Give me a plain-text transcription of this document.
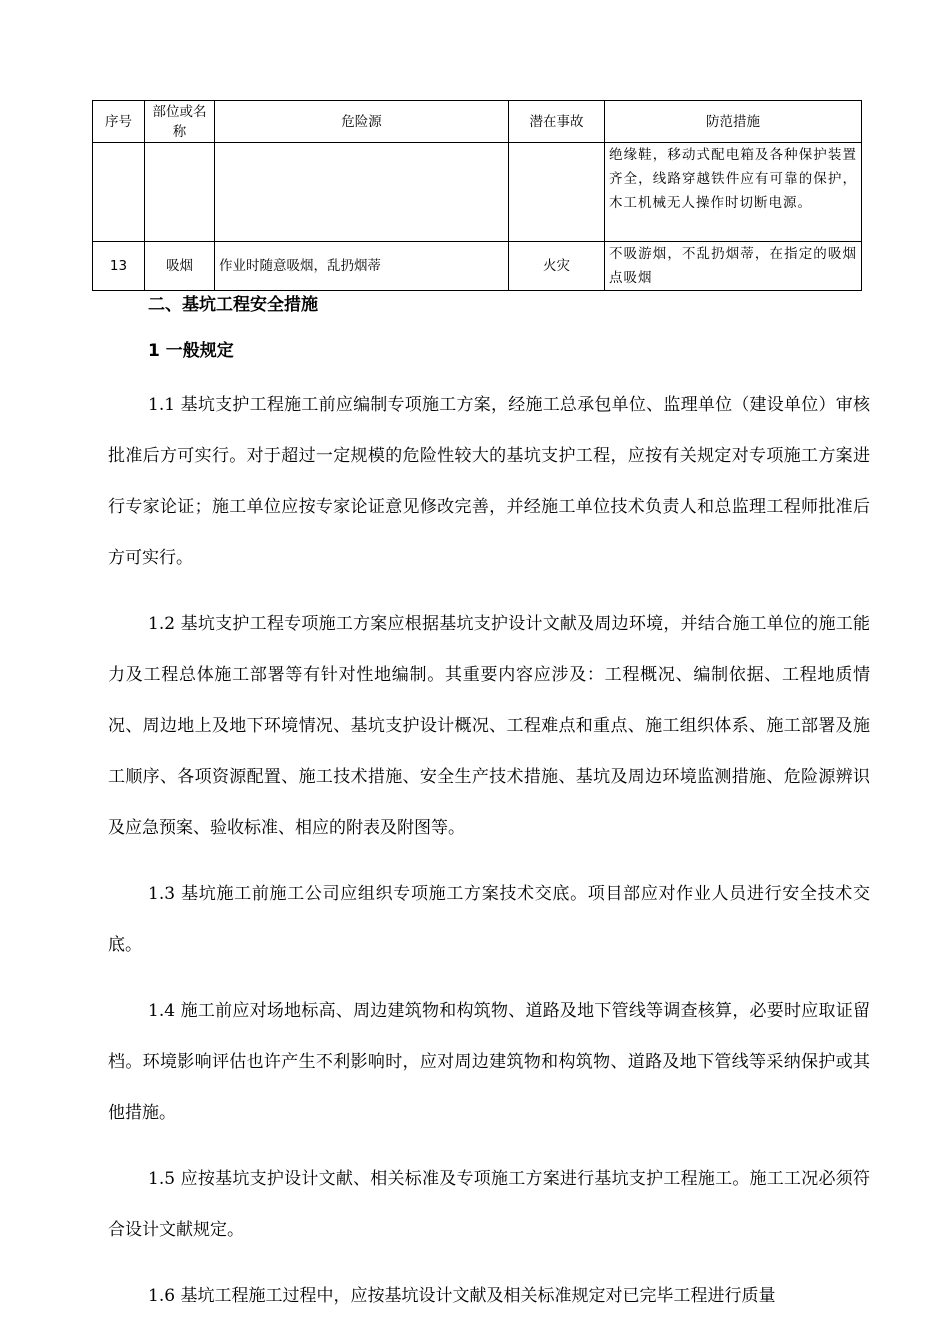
序号	部位或名称	危险源	潜在事故	防范措施
				绝缘鞋，移动式配电箱及各种保护装置齐全，线路穿越铁件应有可靠的保护，木工机械无人操作时切断电源。
13	吸烟	作业时随意吸烟，乱扔烟蒂	火灾	不吸游烟，不乱扔烟蒂，在指定的吸烟点吸烟
二、基坑工程安全措施
1 一般规定

1.1 基坑支护工程施工前应编制专项施工方案，经施工总承包单位、监理单位（建设单位）审核批准后方可实行。对于超过一定规模的危险性较大的基坑支护工程，应按有关规定对专项施工方案进行专家论证；施工单位应按专家论证意见修改完善，并经施工单位技术负责人和总监理工程师批准后方可实行。

1.2 基坑支护工程专项施工方案应根据基坑支护设计文献及周边环境，并结合施工单位的施工能力及工程总体施工部署等有针对性地编制。其重要内容应涉及：工程概况、编制依据、工程地质情况、周边地上及地下环境情况、基坑支护设计概况、工程难点和重点、施工组织体系、施工部署及施工顺序、各项资源配置、施工技术措施、安全生产技术措施、基坑及周边环境监测措施、危险源辨识及应急预案、验收标准、相应的附表及附图等。

1.3 基坑施工前施工公司应组织专项施工方案技术交底。项目部应对作业人员进行安全技术交底。

1.4 施工前应对场地标高、周边建筑物和构筑物、道路及地下管线等调查核算，必要时应取证留档。环境影响评估也许产生不利影响时，应对周边建筑物和构筑物、道路及地下管线等采纳保护或其他措施。

1.5 应按基坑支护设计文献、相关标准及专项施工方案进行基坑支护工程施工。施工工况必须符合设计文献规定。

1.6 基坑工程施工过程中，应按基坑设计文献及相关标准规定对已完毕工程进行质量
